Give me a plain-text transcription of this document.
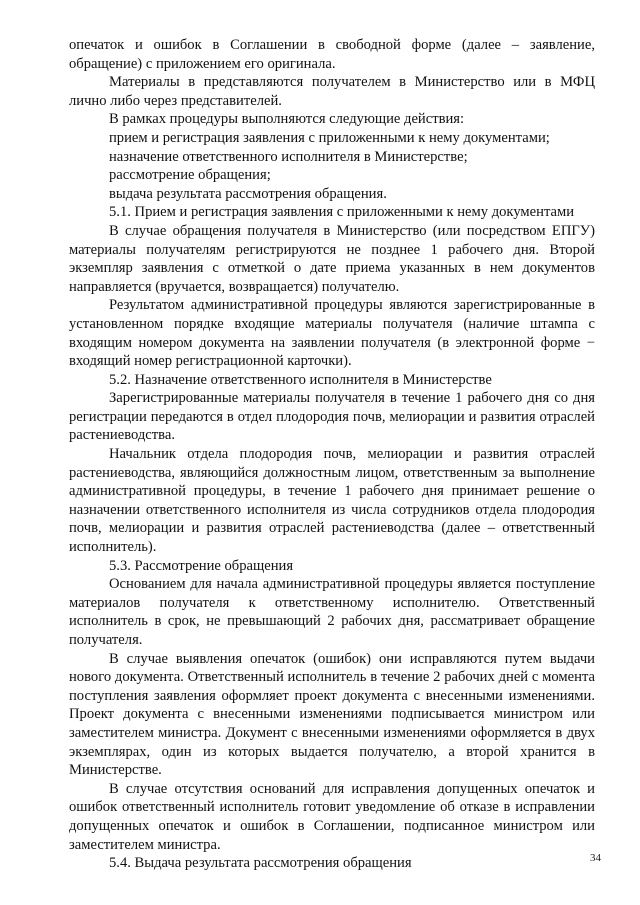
опечаток и ошибок в Соглашении в свободной форме (далее – заявление, обращение) с приложением его оригинала.

Материалы в представляются получателем в Министерство или в МФЦ лично либо через представителей.

В рамках процедуры выполняются следующие действия:

прием и регистрация заявления с приложенными к нему документами;

назначение ответственного исполнителя в Министерстве;

рассмотрение обращения;

выдача результата рассмотрения обращения.

5.1. Прием и регистрация заявления с приложенными к нему документами

В случае обращения получателя в Министерство (или посредством ЕПГУ) материалы получателям регистрируются не позднее 1 рабочего дня. Второй экземпляр заявления с отметкой о дате приема указанных в нем документов направляется (вручается, возвращается) получателю.

Результатом административной процедуры являются зарегистрированные в установленном порядке входящие материалы получателя (наличие штампа с входящим номером документа на заявлении получателя (в электронной форме − входящий номер регистрационной карточки).

5.2. Назначение ответственного исполнителя в Министерстве

Зарегистрированные материалы получателя в течение 1 рабочего дня со дня регистрации передаются в отдел плодородия почв, мелиорации и развития отраслей растениеводства.

Начальник отдела плодородия почв, мелиорации и развития отраслей растениеводства, являющийся должностным лицом, ответственным за выполнение административной процедуры, в течение 1 рабочего дня принимает решение о назначении ответственного исполнителя из числа сотрудников отдела плодородия почв, мелиорации и развития отраслей растениеводства (далее – ответственный исполнитель).

5.3. Рассмотрение обращения

Основанием для начала административной процедуры является поступление материалов получателя к ответственному исполнителю. Ответственный исполнитель в срок, не превышающий 2 рабочих дня, рассматривает обращение получателя.

В случае выявления опечаток (ошибок) они исправляются путем выдачи нового документа. Ответственный исполнитель в течение 2 рабочих дней с момента поступления заявления оформляет проект документа с внесенными изменениями. Проект документа с внесенными изменениями подписывается министром или заместителем министра. Документ с внесенными изменениями оформляется в двух экземплярах, один из которых выдается получателю, а второй хранится в Министерстве.

В случае отсутствия оснований для исправления допущенных опечаток и ошибок ответственный исполнитель готовит уведомление об отказе в исправлении допущенных опечаток и ошибок в Соглашении, подписанное министром или заместителем министра.

5.4. Выдача результата рассмотрения обращения	34
